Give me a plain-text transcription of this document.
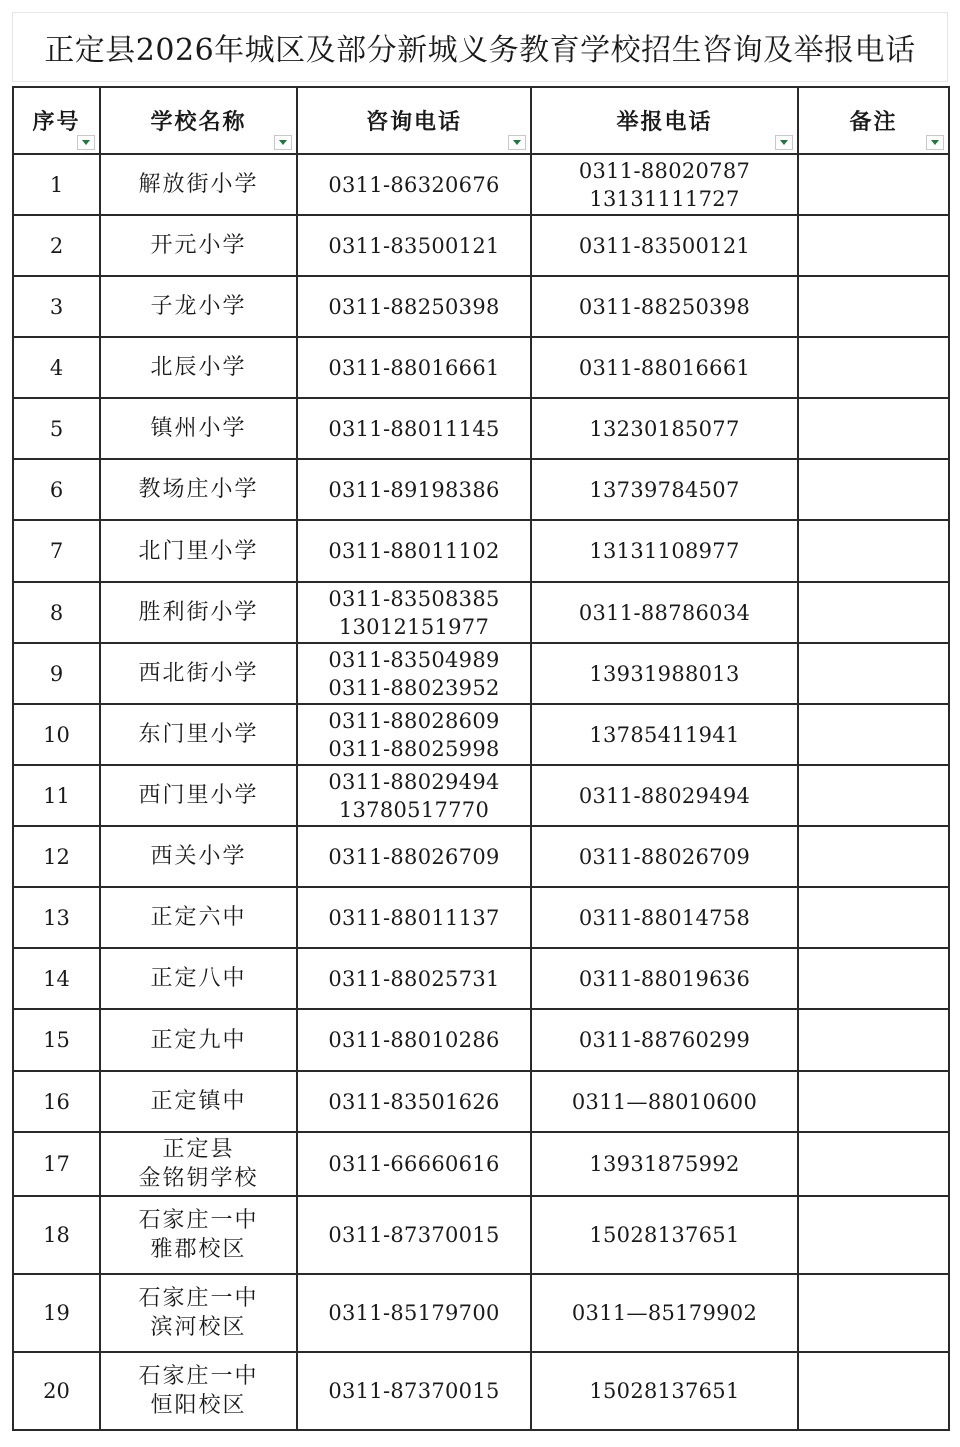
正定县2026年城区及部分新城义务教育学校招生咨询及举报电话
序号	学校名称	咨询电话	举报电话	备注

1	解放街小学	0311-86320676	0311-88020787
13131111727	

2	开元小学	0311-83500121	0311-83500121	

3	子龙小学	0311-88250398	0311-88250398	

4	北辰小学	0311-88016661	0311-88016661	

5	镇州小学	0311-88011145	13230185077	

6	教场庄小学	0311-89198386	13739784507	

7	北门里小学	0311-88011102	13131108977	

8	胜利街小学	0311-83508385
13012151977	0311-88786034	

9	西北街小学	0311-83504989
0311-88023952	13931988013	

10	东门里小学	0311-88028609
0311-88025998	13785411941	

11	西门里小学	0311-88029494
13780517770	0311-88029494	

12	西关小学	0311-88026709	0311-88026709	

13	正定六中	0311-88011137	0311-88014758	

14	正定八中	0311-88025731	0311-88019636	

15	正定九中	0311-88010286	0311-88760299	

16	正定镇中	0311-83501626	0311—88010600	

17	正定县
金铭钥学校	0311-66660616	13931875992	

18	石家庄一中
雅郡校区	0311-87370015	15028137651	

19	石家庄一中
滨河校区	0311-85179700	0311—85179902	

20	石家庄一中
恒阳校区	0311-87370015	15028137651	
